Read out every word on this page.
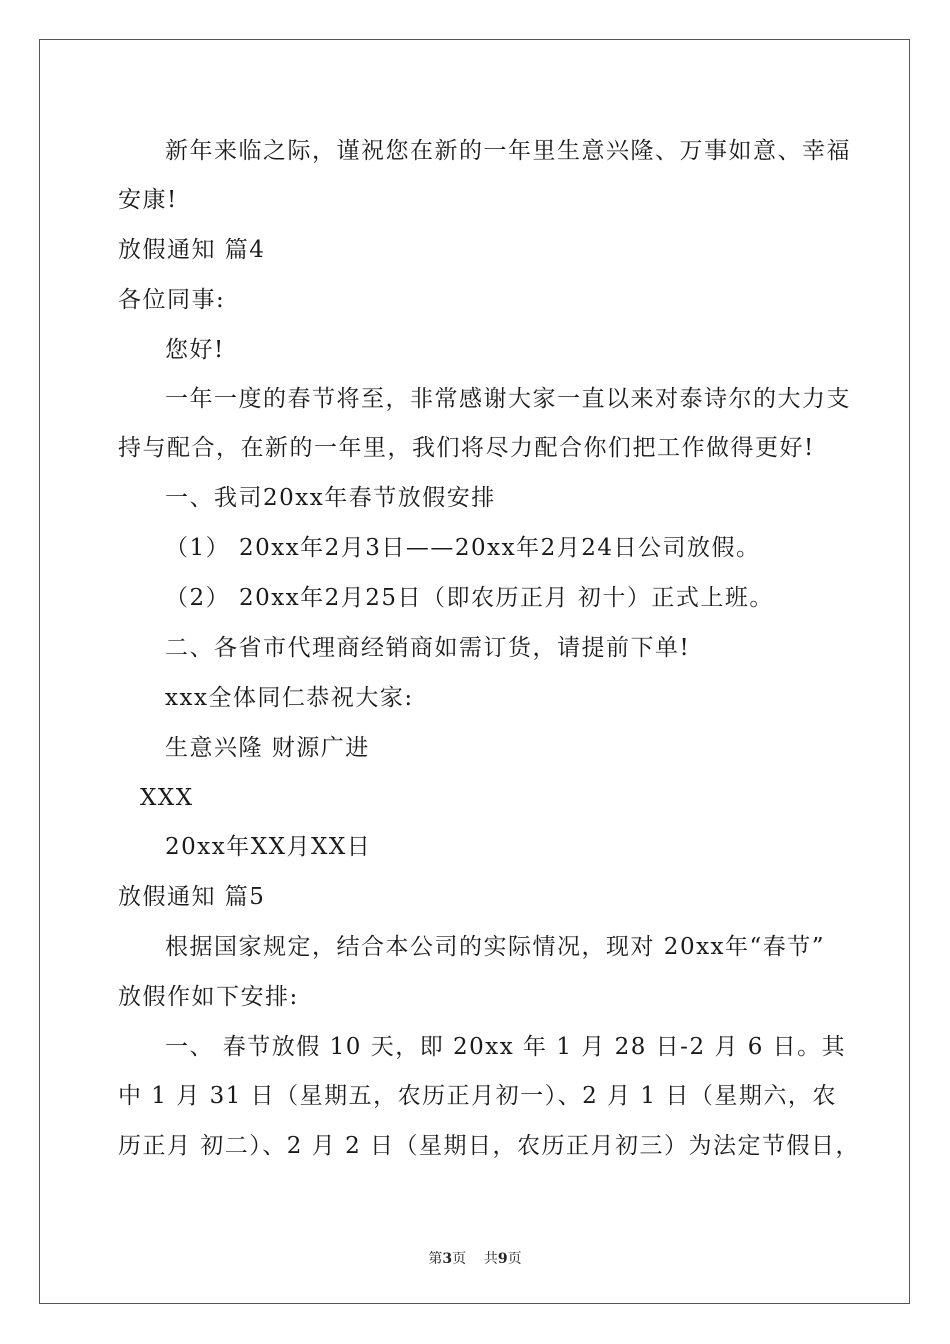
新年来临之际，谨祝您在新的一年里生意兴隆、万事如意、幸福
安康!
放假通知 篇4
各位同事:
您好!
一年一度的春节将至，非常感谢大家一直以来对泰诗尔的大力支
持与配合，在新的一年里，我们将尽力配合你们把工作做得更好!
一、我司20xx年春节放假安排
（1） 20xx年2月3日——20xx年2月24日公司放假。
（2） 20xx年2月25日（即农历正月 初十）正式上班。
二、各省市代理商经销商如需订货，请提前下单!
xxx全体同仁恭祝大家:
生意兴隆 财源广进
XXX
20xx年XX月XX日
放假通知 篇5
根据国家规定，结合本公司的实际情况，现对 20xx年“春节”
放假作如下安排:
一、 春节放假 10 天，即 20xx 年 1 月 28 日-2 月 6 日。其
中 1 月 31 日（星期五，农历正月初一）、2 月 1 日（星期六，农
历正月 初二）、2 月 2 日（星期日，农历正月初三）为法定节假日，
第3页    共9页
